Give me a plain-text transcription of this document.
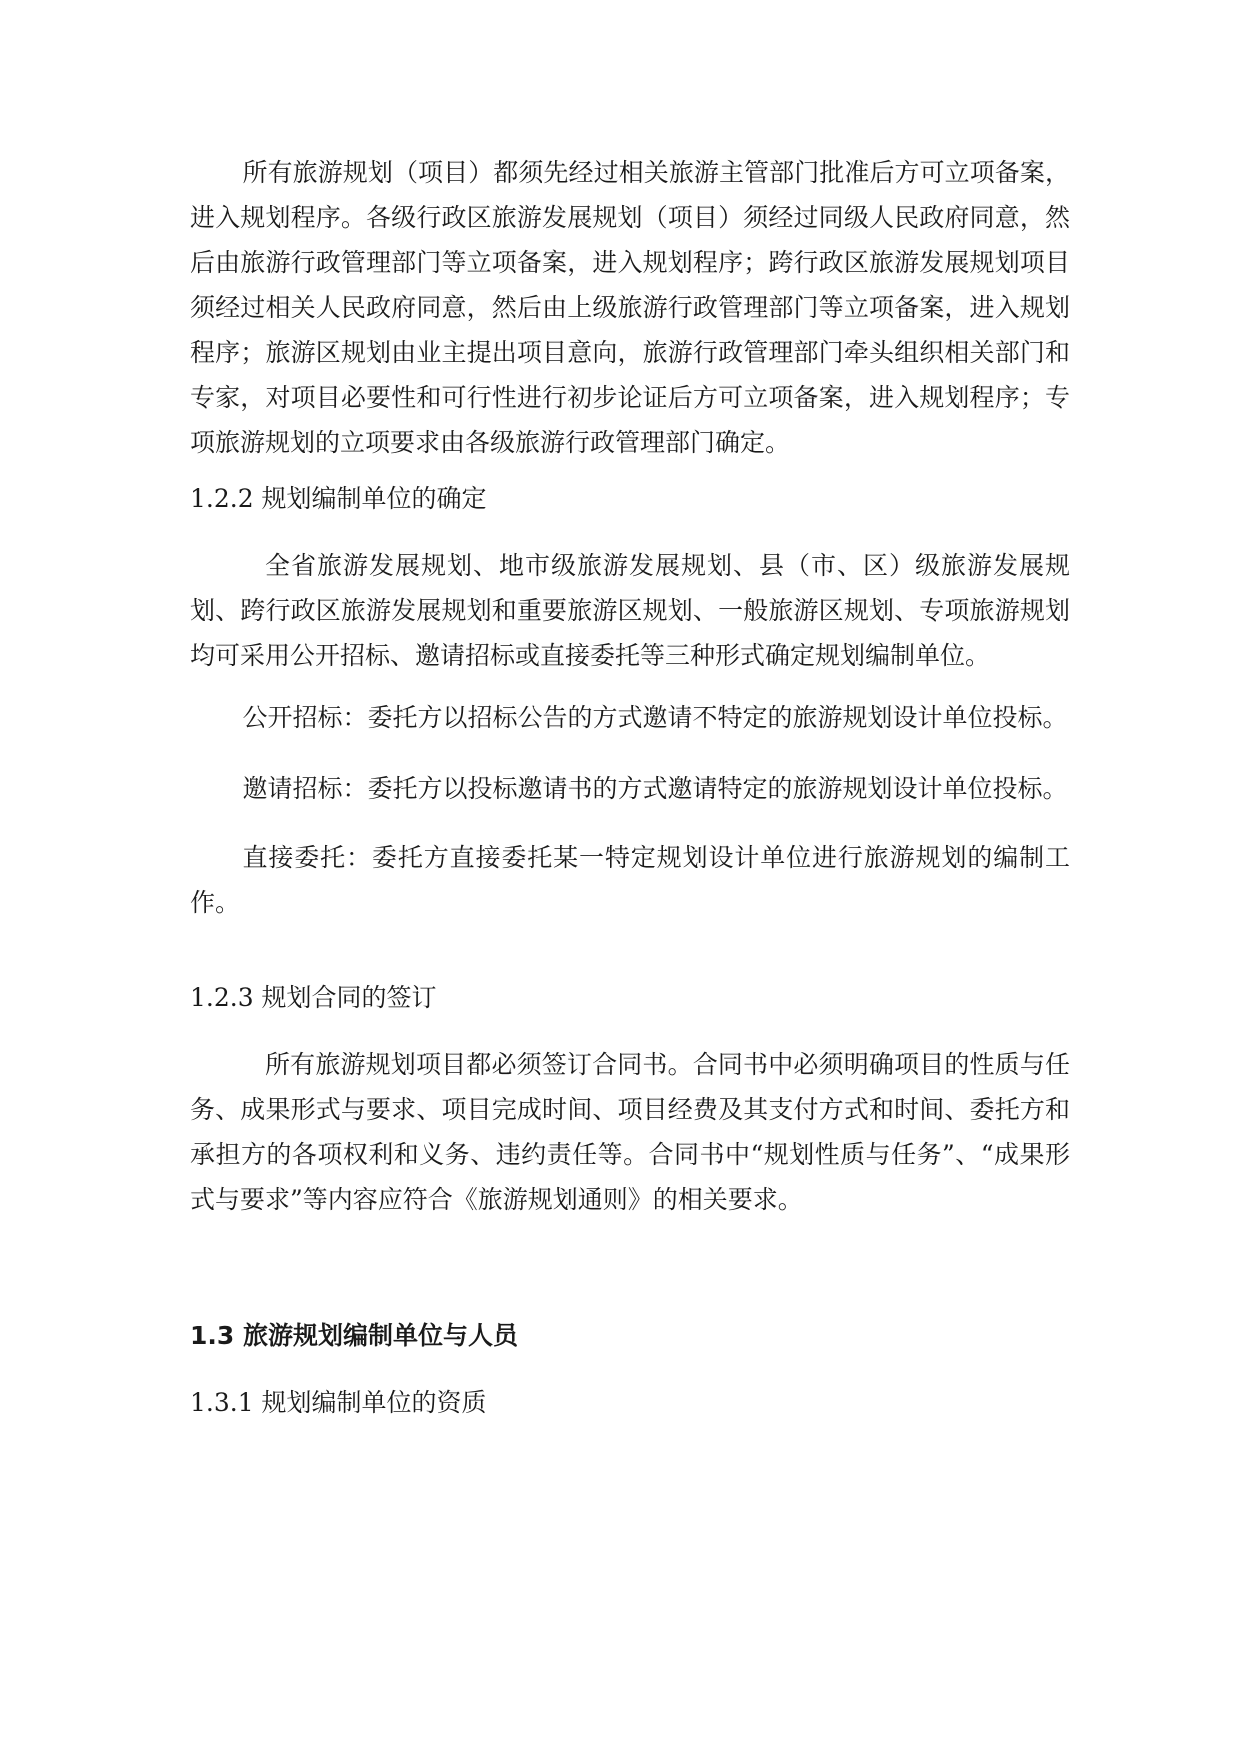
所有旅游规划（项目）都须先经过相关旅游主管部门批准后方可立项备案，进入规划程序。各级行政区旅游发展规划（项目）须经过同级人民政府同意，然后由旅游行政管理部门等立项备案，进入规划程序；跨行政区旅游发展规划项目须经过相关人民政府同意，然后由上级旅游行政管理部门等立项备案，进入规划程序；旅游区规划由业主提出项目意向，旅游行政管理部门牵头组织相关部门和专家，对项目必要性和可行性进行初步论证后方可立项备案，进入规划程序；专项旅游规划的立项要求由各级旅游行政管理部门确定。

1.2.2 规划编制单位的确定

全省旅游发展规划、地市级旅游发展规划、县（市、区）级旅游发展规划、跨行政区旅游发展规划和重要旅游区规划、一般旅游区规划、专项旅游规划均可采用公开招标、邀请招标或直接委托等三种形式确定规划编制单位。

公开招标：委托方以招标公告的方式邀请不特定的旅游规划设计单位投标。

邀请招标：委托方以投标邀请书的方式邀请特定的旅游规划设计单位投标。

直接委托：委托方直接委托某一特定规划设计单位进行旅游规划的编制工作。

1.2.3 规划合同的签订

所有旅游规划项目都必须签订合同书。合同书中必须明确项目的性质与任务、成果形式与要求、项目完成时间、项目经费及其支付方式和时间、委托方和承担方的各项权利和义务、违约责任等。合同书中“规划性质与任务”、“成果形式与要求”等内容应符合《旅游规划通则》的相关要求。

1.3 旅游规划编制单位与人员

1.3.1 规划编制单位的资质
